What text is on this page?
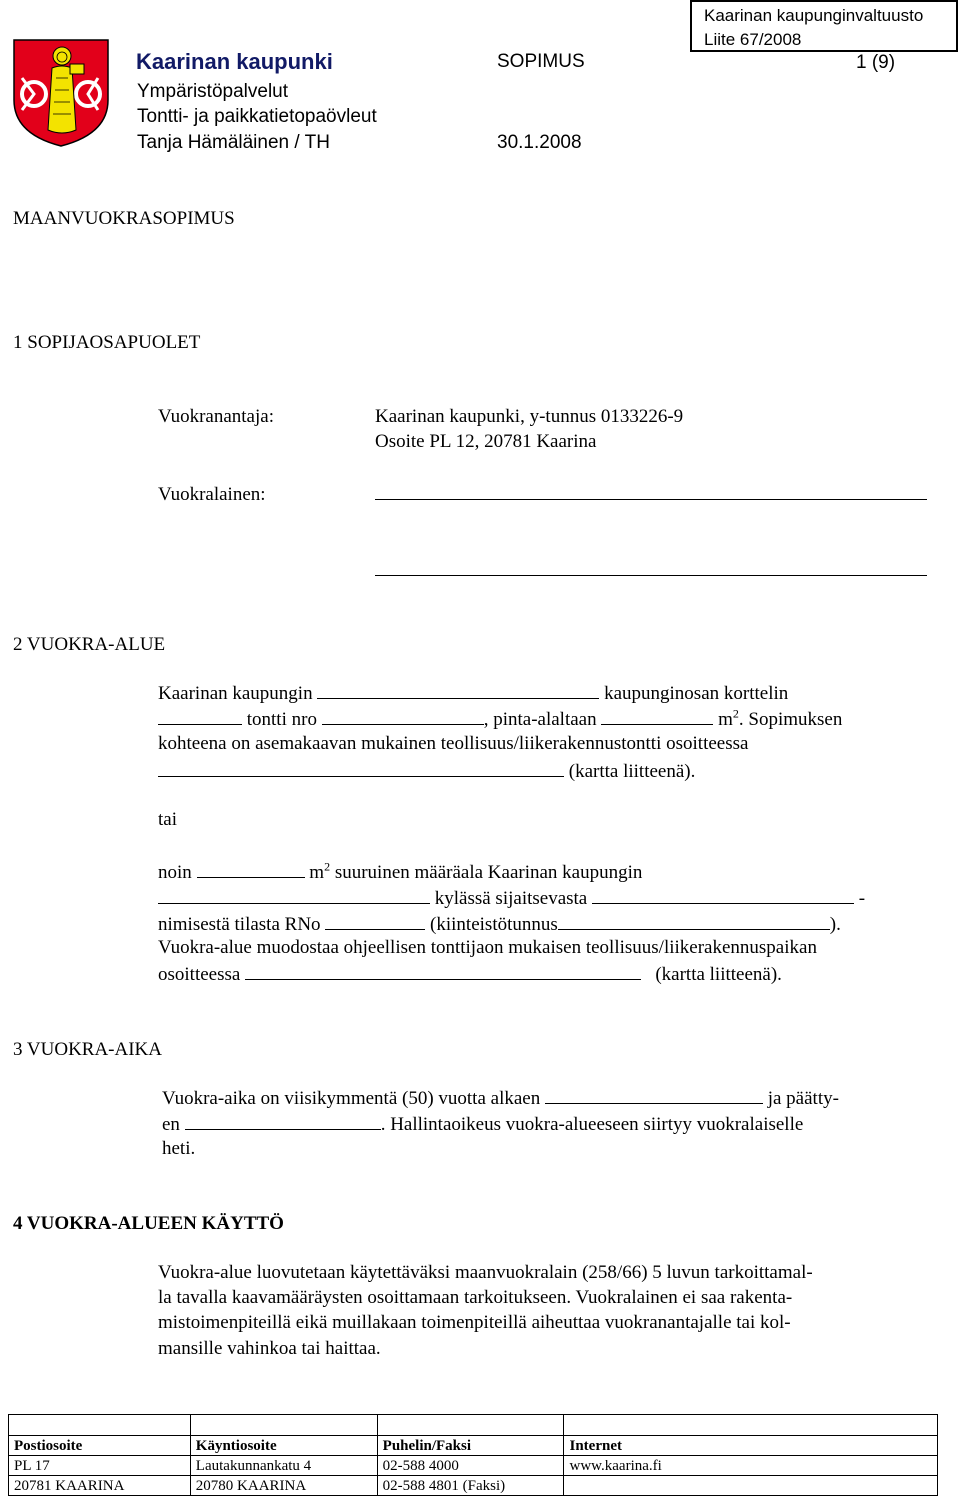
Kaarinan kaupunki
Ympäristöpalvelut
Tontti- ja paikkatietopaövleut
Tanja Hämäläinen / TH
SOPIMUS
30.1.2008
1 (9)
Kaarinan kaupunginvaltuusto
Liite 67/2008
MAANVUOKRASOPIMUS
1 SOPIJAOSAPUOLET
Vuokranantaja:	Kaarinan kaupunki, y-tunnus 0133226-9
Osoite PL 12, 20781 Kaarina
Vuokralainen:
2 VUOKRA-ALUE
Kaarinan kaupungin	kaupunginosan korttelin
tontti nro	, pinta-alaltaan	$m^2$. Sopimuksen
kohteena on asemakaavan mukainen teollisuus/liikerakennustontti osoitteessa
(kartta liitteenä).
tai
noin	$m^2$ suuruinen määräala Kaarinan kaupungin
kylässä sijaitsevasta	-
nimisestä tilasta RNo	(kiinteistötunnus	).
Vuokra-alue muodostaa ohjeellisen tonttijaon mukaisen teollisuus/liikerakennuspaikan
osoitteessa	(kartta liitteenä).
3 VUOKRA-AIKA
Vuokra-aika on viisikymmentä (50) vuotta alkaen	ja päätty-
en	. Hallintaoikeus vuokra-alueeseen siirtyy vuokralaiselle
heti.
4 VUOKRA-ALUEEN KÄYTTÖ
Vuokra-alue luovutetaan käytettäväksi maanvuokralain (258/66) 5 luvun tarkoittamal-
la tavalla kaavamääräysten osoittamaan tarkoitukseen. Vuokralainen ei saa rakenta-
mistoimenpiteillä eikä muillakaan toimenpiteillä aiheuttaa vuokranantajalle tai kol-
mansille vahinkoa tai haittaa.

Postiosoite	Käyntiosoite	Puhelin/Faksi	Internet
PL 17	Lautakunnankatu 4	02-588 4000	www.kaarina.fi
20781 KAARINA	20780 KAARINA	02-588 4801 (Faksi)	
